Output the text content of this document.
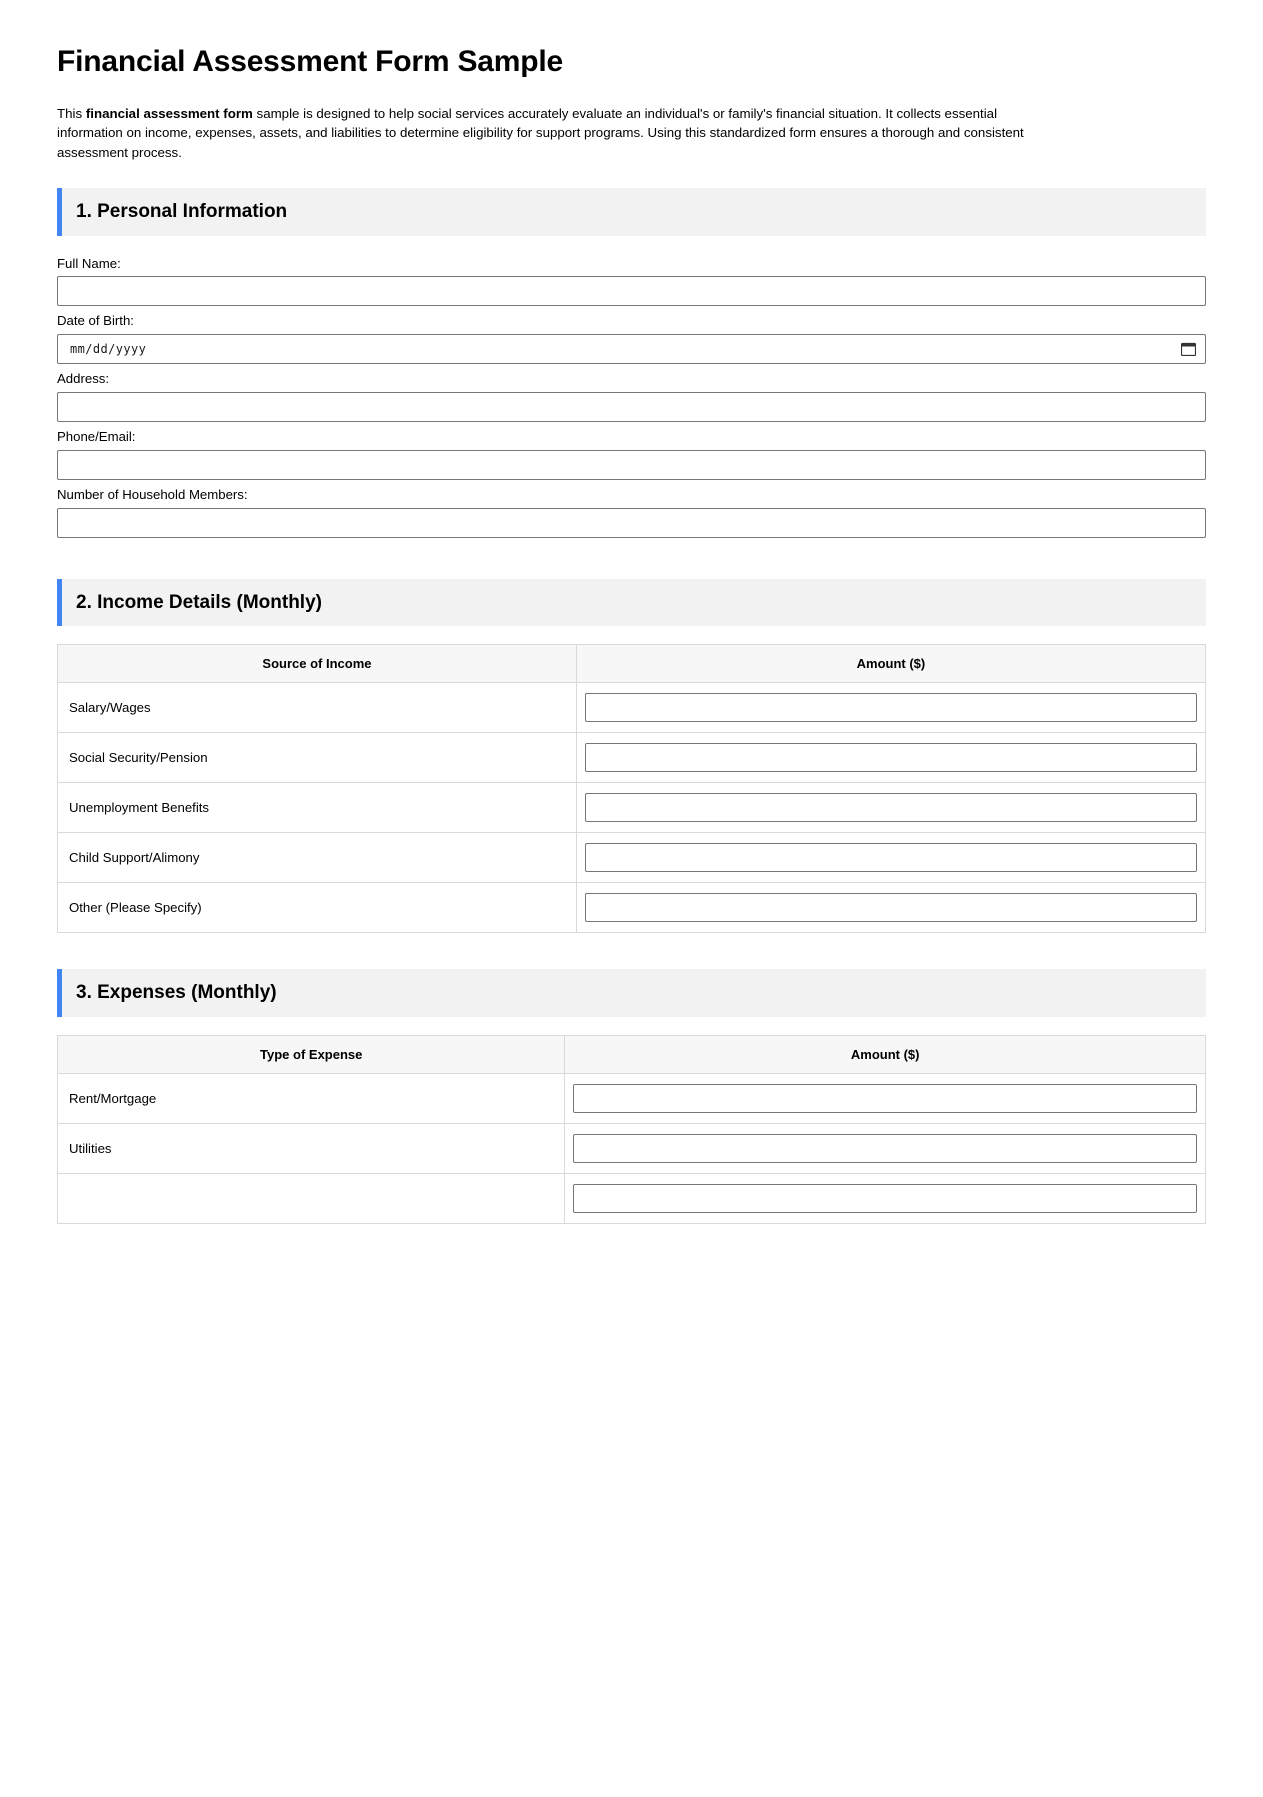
Financial Assessment Form Sample

This financial assessment form sample is designed to help social services accurately evaluate an individual's or family's financial situation. It collects essential information on income, expenses, assets, and liabilities to determine eligibility for support programs. Using this standardized form ensures a thorough and consistent assessment process.

1. Personal Information
Full Name:
Date of Birth:
mm/dd/yyyy
Address:
Phone/Email:
Number of Household Members:
2. Income Details (Monthly)
Source of Income	Amount ($)
Salary/Wages	

Social Security/Pension	

Unemployment Benefits	

Child Support/Alimony	

Other (Please Specify)	
3. Expenses (Monthly)
Type of Expense	Amount ($)
Rent/Mortgage	

Utilities	
